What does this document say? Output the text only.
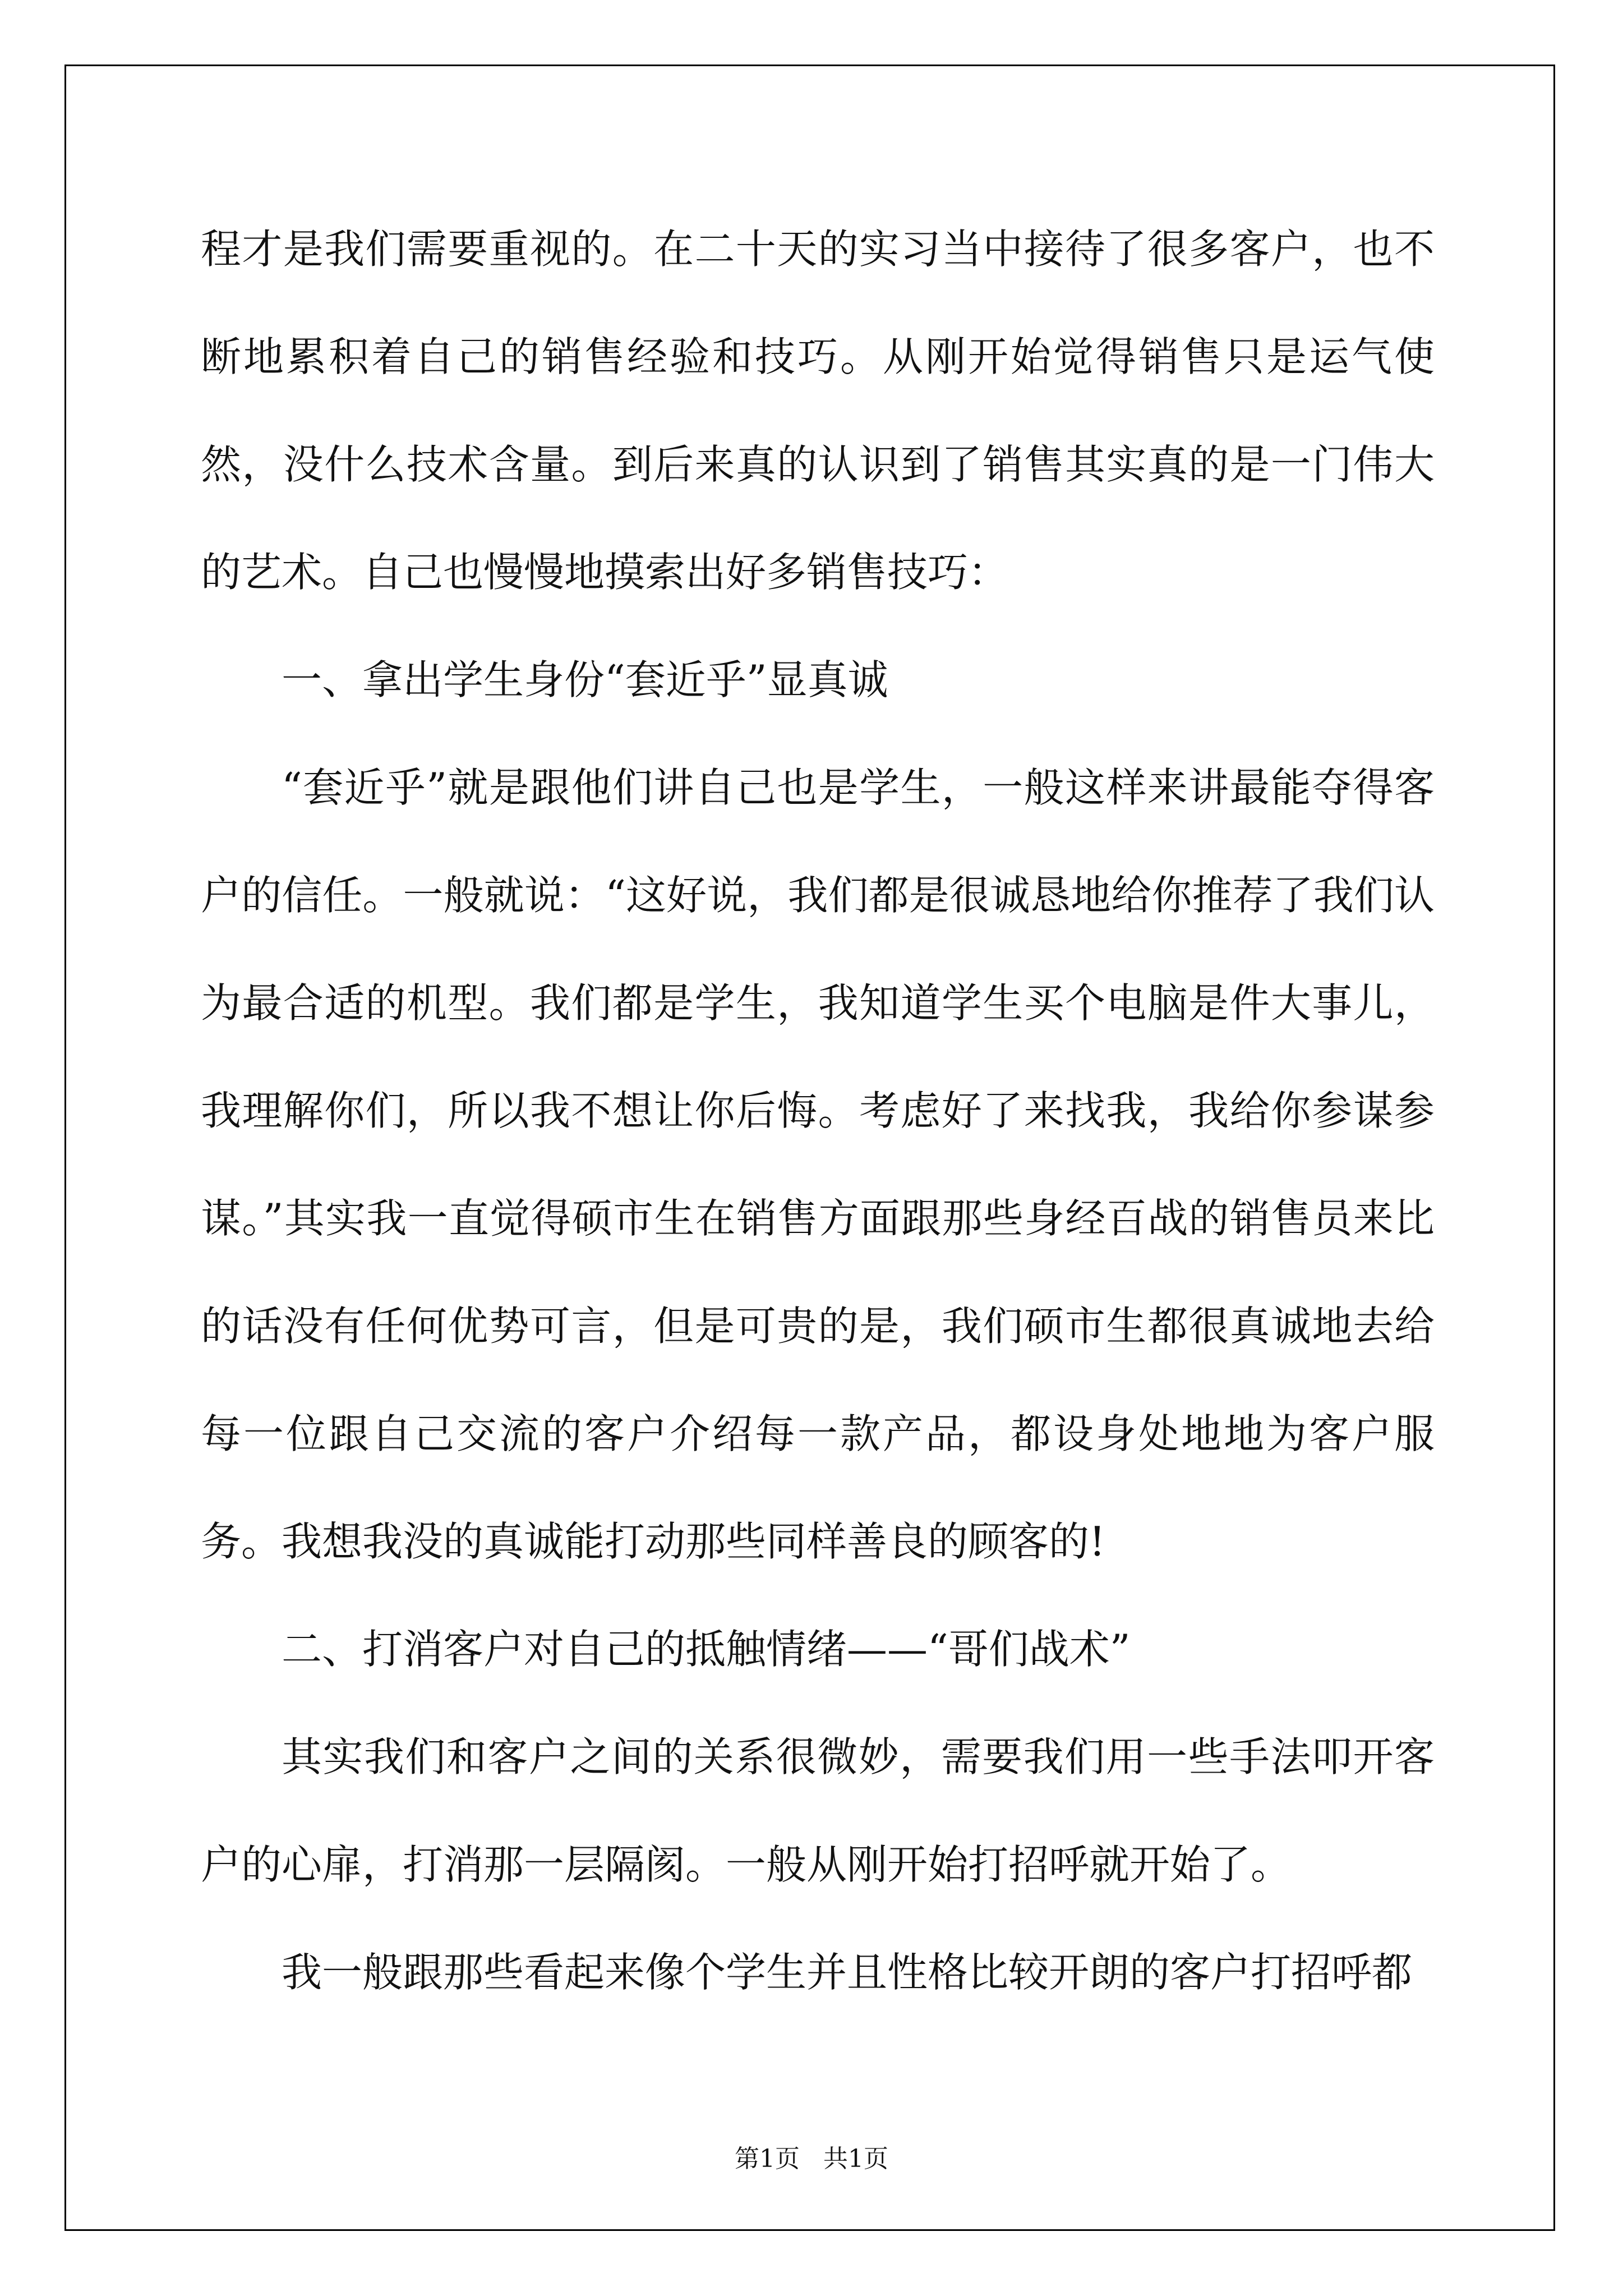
程才是我们需要重视的。在二十天的实习当中接待了很多客户，也不断地累积着自己的销售经验和技巧。从刚开始觉得销售只是运气使然，没什么技术含量。到后来真的认识到了销售其实真的是一门伟大的艺术。自己也慢慢地摸索出好多销售技巧：

一、拿出学生身份“套近乎”显真诚

“套近乎”就是跟他们讲自己也是学生，一般这样来讲最能夺得客户的信任。一般就说：“这好说，我们都是很诚恳地给你推荐了我们认为最合适的机型。我们都是学生，我知道学生买个电脑是件大事儿，我理解你们，所以我不想让你后悔。考虑好了来找我，我给你参谋参谋。”其实我一直觉得硕市生在销售方面跟那些身经百战的销售员来比的话没有任何优势可言，但是可贵的是，我们硕市生都很真诚地去给每一位跟自己交流的客户介绍每一款产品，都设身处地地为客户服务。我想我没的真诚能打动那些同样善良的顾客的!

二、打消客户对自己的抵触情绪——“哥们战术”

其实我们和客户之间的关系很微妙，需要我们用一些手法叩开客户的心扉，打消那一层隔阂。一般从刚开始打招呼就开始了。

我一般跟那些看起来像个学生并且性格比较开朗的客户打招呼都

第1页   共1页
